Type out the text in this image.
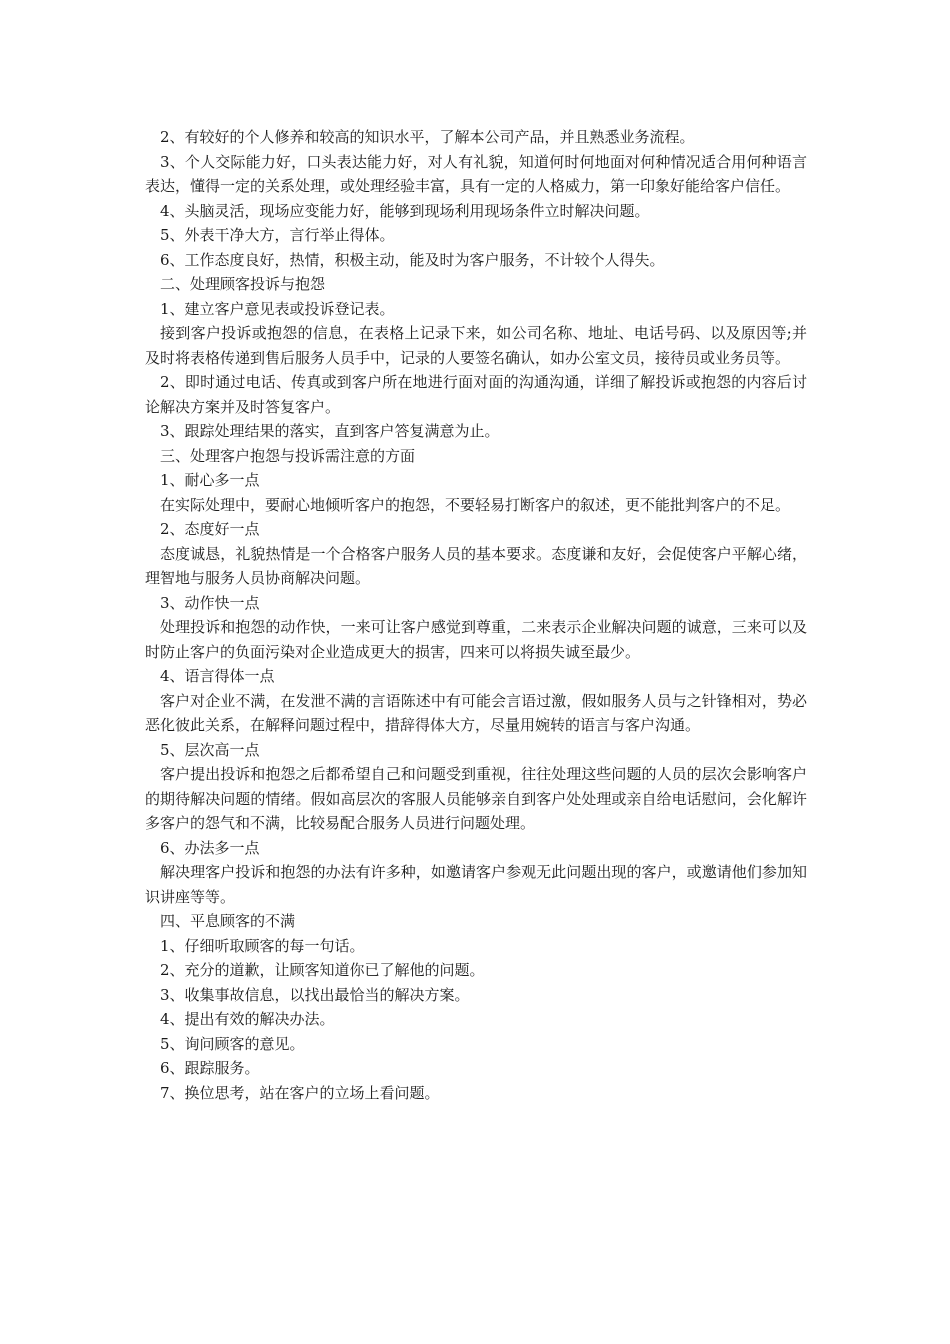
2、有较好的个人修养和较高的知识水平，了解本公司产品，并且熟悉业务流程。

3、个人交际能力好，口头表达能力好，对人有礼貌，知道何时何地面对何种情况适合用何种语言表达，懂得一定的关系处理，或处理经验丰富，具有一定的人格威力，第一印象好能给客户信任。

4、头脑灵活，现场应变能力好，能够到现场利用现场条件立时解决问题。

5、外表干净大方，言行举止得体。

6、工作态度良好，热情，积极主动，能及时为客户服务，不计较个人得失。

二、处理顾客投诉与抱怨

1、建立客户意见表或投诉登记表。

接到客户投诉或抱怨的信息，在表格上记录下来，如公司名称、地址、电话号码、以及原因等;并及时将表格传递到售后服务人员手中，记录的人要签名确认，如办公室文员，接待员或业务员等。

2、即时通过电话、传真或到客户所在地进行面对面的沟通沟通，详细了解投诉或抱怨的内容后讨论解决方案并及时答复客户。

3、跟踪处理结果的落实，直到客户答复满意为止。

三、处理客户抱怨与投诉需注意的方面

1、耐心多一点

在实际处理中，要耐心地倾听客户的抱怨，不要轻易打断客户的叙述，更不能批判客户的不足。

2、态度好一点

态度诚恳，礼貌热情是一个合格客户服务人员的基本要求。态度谦和友好，会促使客户平解心绪，理智地与服务人员协商解决问题。

3、动作快一点

处理投诉和抱怨的动作快，一来可让客户感觉到尊重，二来表示企业解决问题的诚意，三来可以及时防止客户的负面污染对企业造成更大的损害，四来可以将损失诚至最少。

4、语言得体一点

客户对企业不满，在发泄不满的言语陈述中有可能会言语过激，假如服务人员与之针锋相对，势必恶化彼此关系，在解释问题过程中，措辞得体大方，尽量用婉转的语言与客户沟通。

5、层次高一点

客户提出投诉和抱怨之后都希望自己和问题受到重视，往往处理这些问题的人员的层次会影响客户的期待解决问题的情绪。假如高层次的客服人员能够亲自到客户处处理或亲自给电话慰问，会化解许多客户的怨气和不满，比较易配合服务人员进行问题处理。

6、办法多一点

解决理客户投诉和抱怨的办法有许多种，如邀请客户参观无此问题出现的客户，或邀请他们参加知识讲座等等。

四、平息顾客的不满

1、仔细听取顾客的每一句话。

2、充分的道歉，让顾客知道你已了解他的问题。

3、收集事故信息，以找出最恰当的解决方案。

4、提出有效的解决办法。

5、询问顾客的意见。

6、跟踪服务。

7、换位思考，站在客户的立场上看问题。
